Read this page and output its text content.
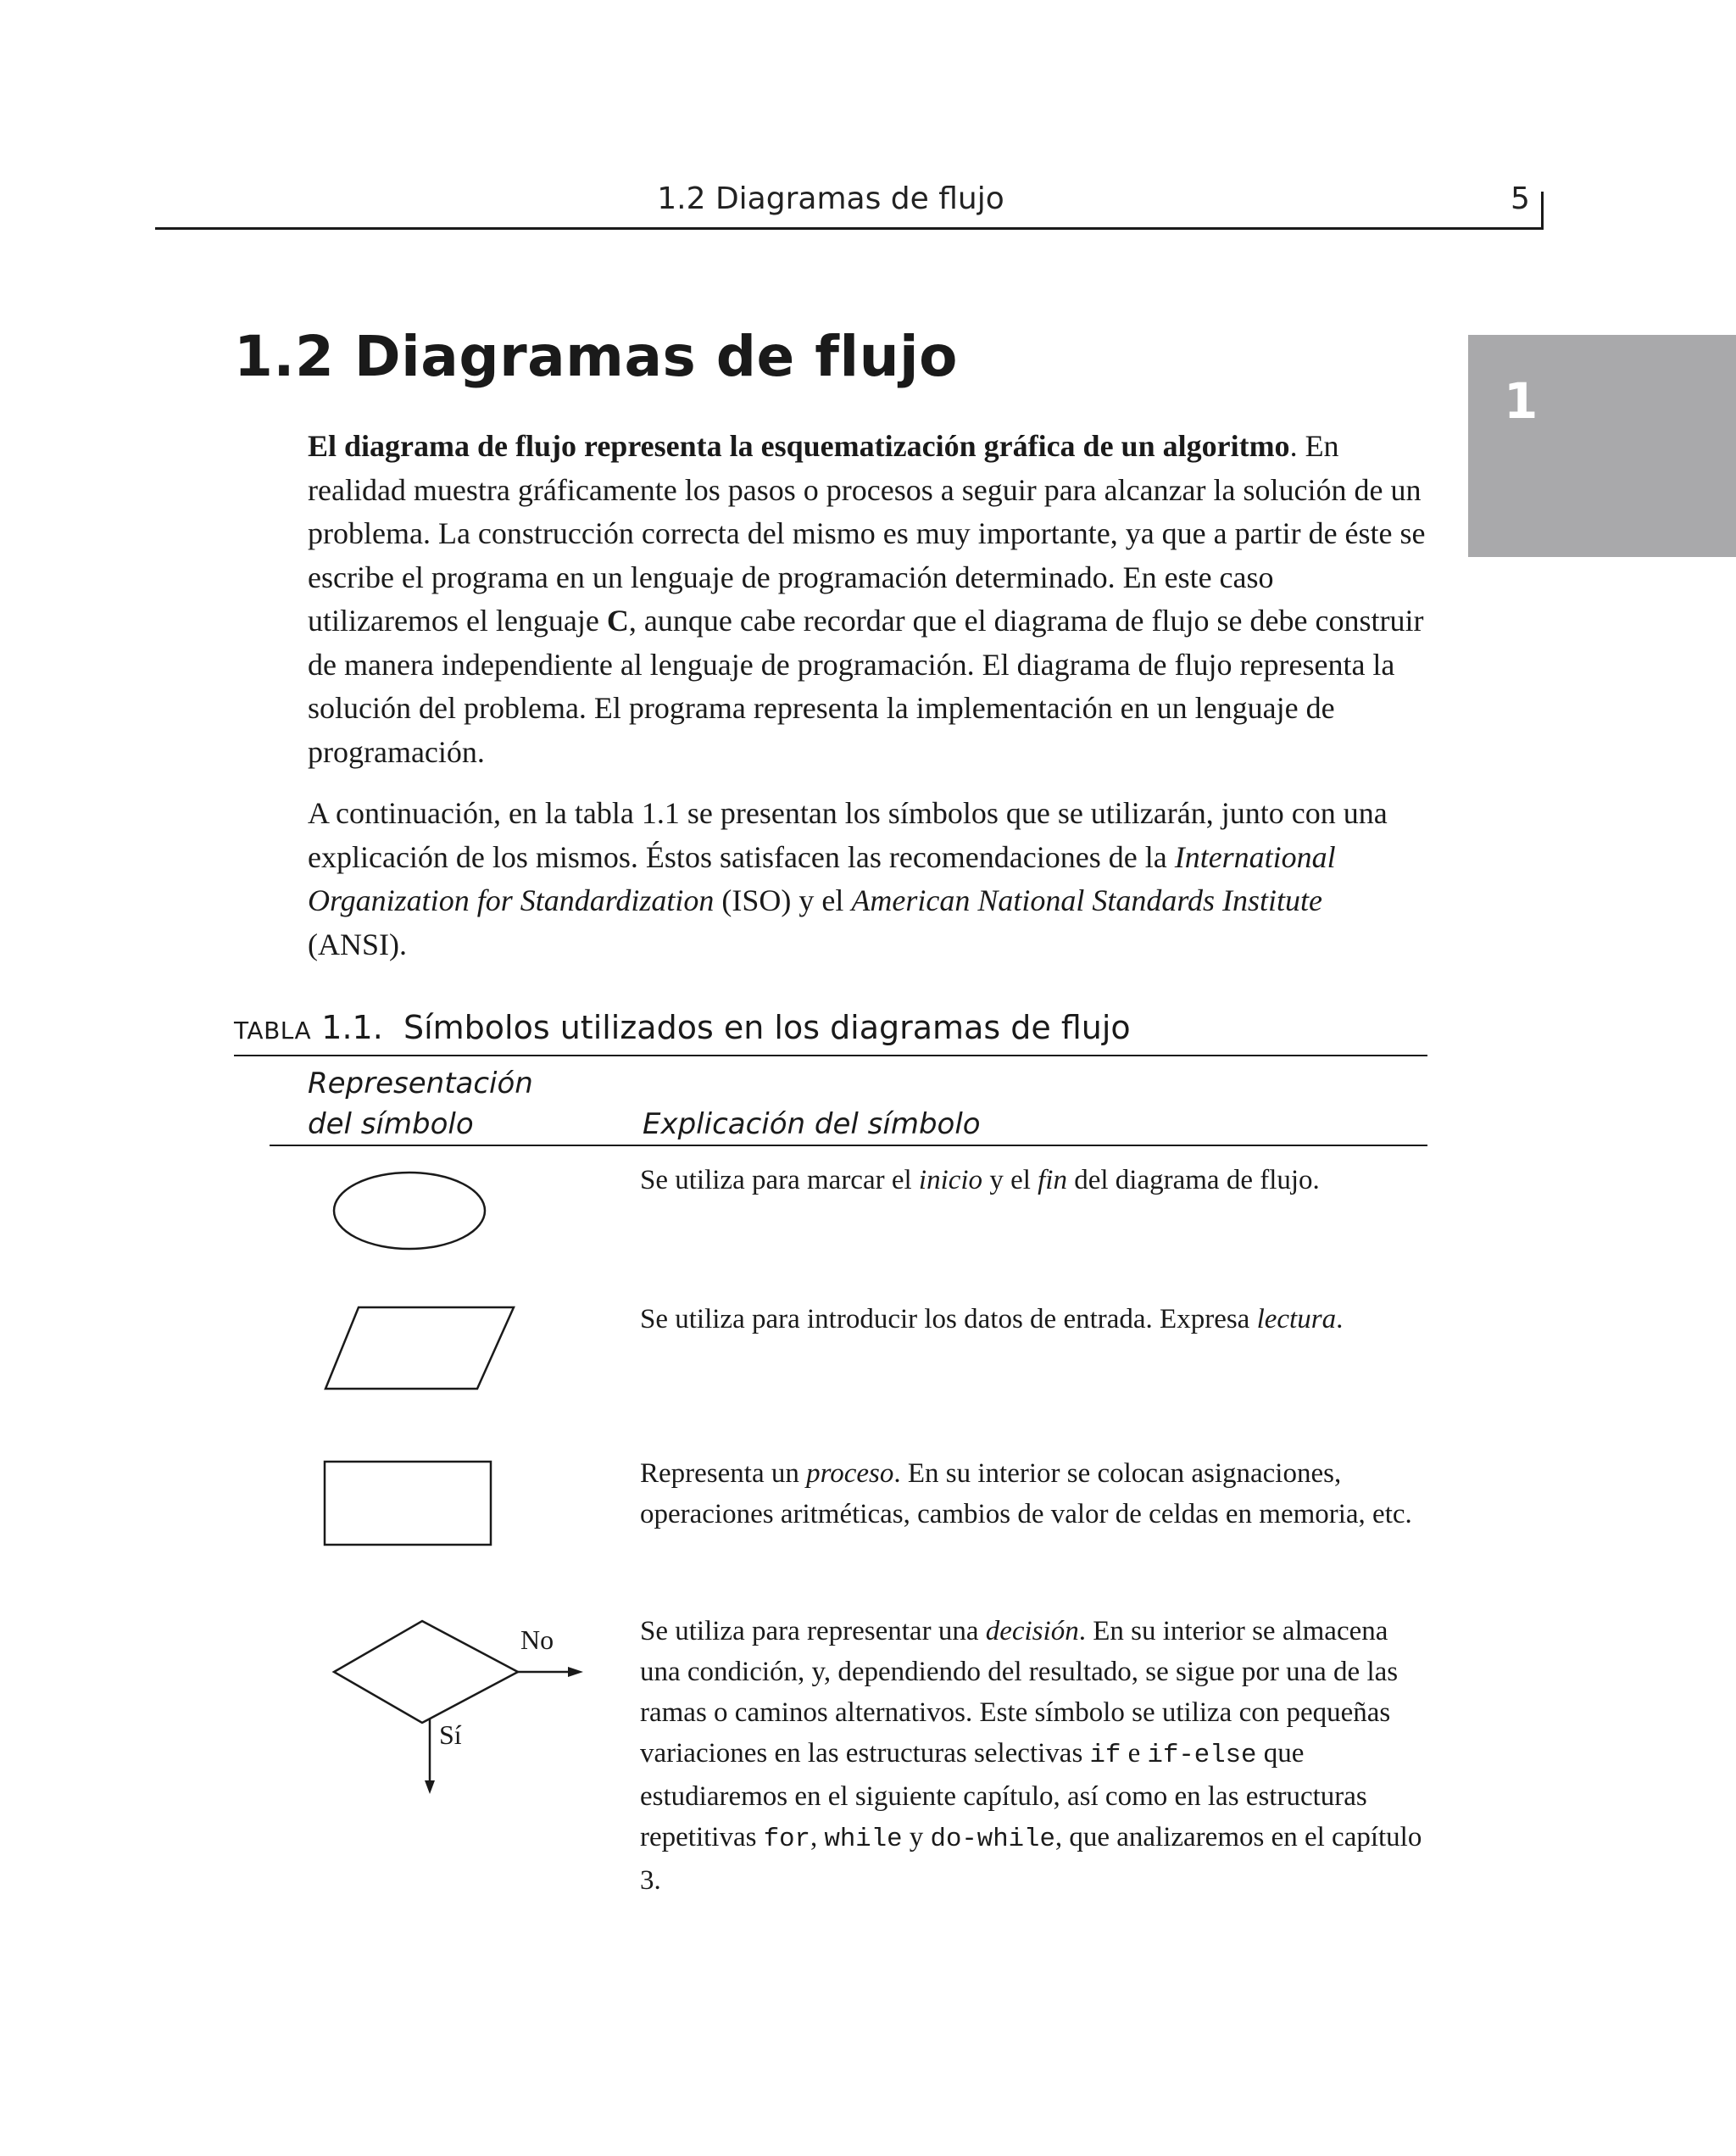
1.2 Diagramas de flujo	5
1
1.2 Diagramas de flujo

El diagrama de flujo representa la esquematización gráfica de un algoritmo. En realidad muestra gráficamente los pasos o procesos a seguir para alcanzar la solución de un problema. La construcción correcta del mismo es muy importante, ya que a partir de éste se escribe el programa en un lenguaje de programación determinado. En este caso utilizaremos el lenguaje C, aunque cabe recordar que el diagrama de flujo se debe construir de manera independiente al lenguaje de programación. El diagrama de flujo representa la solución del problema. El programa representa la implementación en un lenguaje de programación.

A continuación, en la tabla 1.1 se presentan los símbolos que se utilizarán, junto con una explicación de los mismos. Éstos satisfacen las recomendaciones de la International Organization for Standardization (ISO) y el American National Standards Institute (ANSI).

TABLA 1.1.  Símbolos utilizados en los diagramas de flujo
Representación
del símbolo	Explicación del símbolo
Se utiliza para marcar el inicio y el fin del diagrama de flujo.
Se utiliza para introducir los datos de entrada. Expresa lectura.
Representa un proceso. En su interior se colocan asignaciones, operaciones aritméticas, cambios de valor de celdas en memoria, etc.
No
Sí
Se utiliza para representar una decisión. En su interior se almacena una condición, y, dependiendo del resultado, se sigue por una de las ramas o caminos alternativos. Este símbolo se utiliza con pequeñas variaciones en las estructuras selectivas if e if-else que estudiaremos en el siguiente capítulo, así como en las estructuras repetitivas for, while y do-while, que analizaremos en el capítulo 3.
